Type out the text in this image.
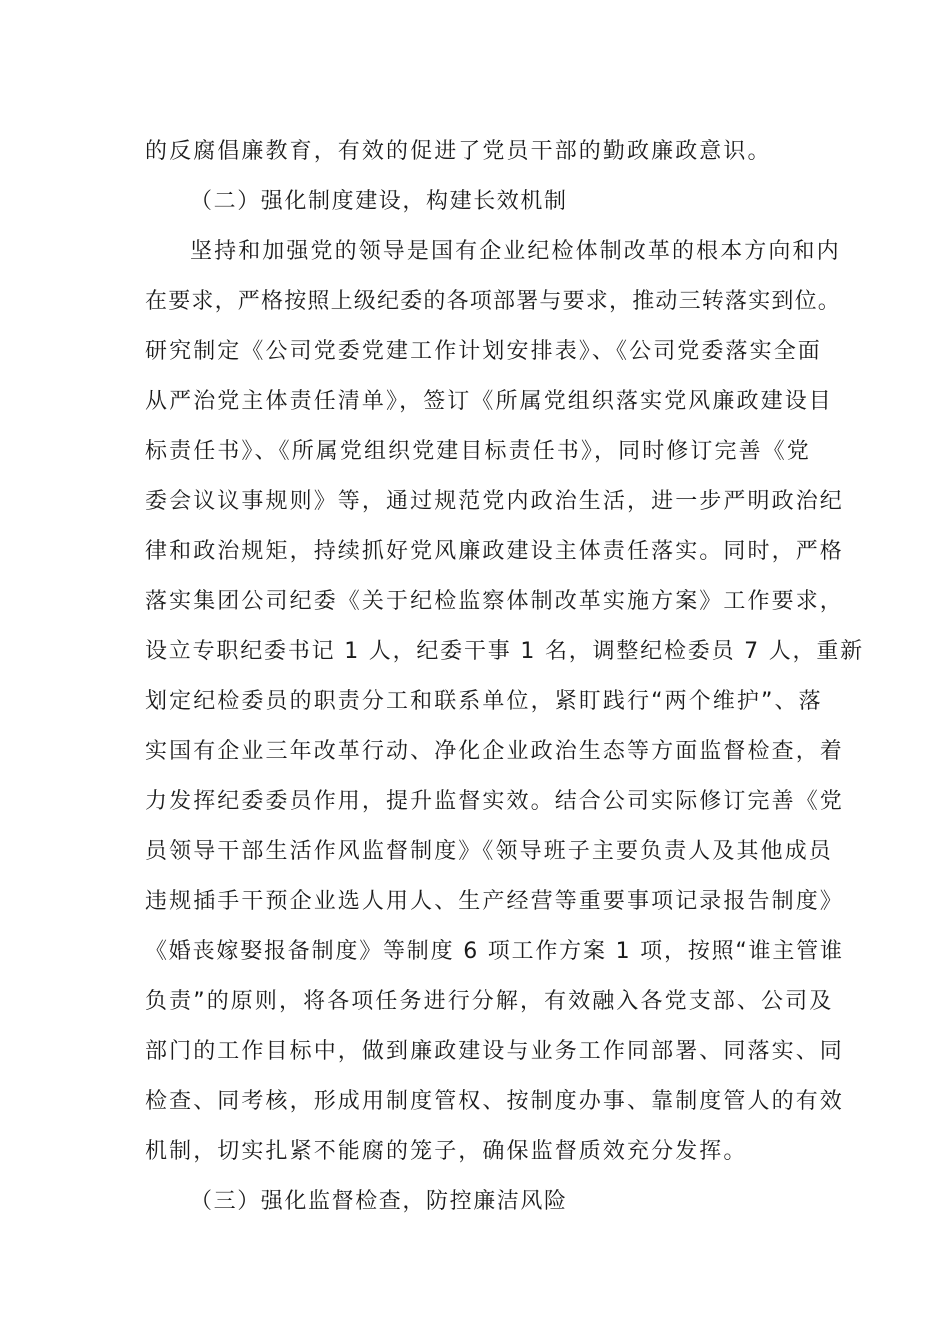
的反腐倡廉教育，有效的促进了党员干部的勤政廉政意识。
（二）强化制度建设，构建长效机制
坚持和加强党的领导是国有企业纪检体制改革的根本方向和内
在要求，严格按照上级纪委的各项部署与要求，推动三转落实到位。
研究制定《公司党委党建工作计划安排表》、《公司党委落实全面
从严治党主体责任清单》，签订《所属党组织落实党风廉政建设目
标责任书》、《所属党组织党建目标责任书》，同时修订完善《党
委会议议事规则》等，通过规范党内政治生活，进一步严明政治纪
律和政治规矩，持续抓好党风廉政建设主体责任落实。同时，严格
落实集团公司纪委《关于纪检监察体制改革实施方案》工作要求，
设立专职纪委书记 1 人，纪委干事 1 名，调整纪检委员 7 人，重新
划定纪检委员的职责分工和联系单位，紧盯践行“两个维护”、落
实国有企业三年改革行动、净化企业政治生态等方面监督检查，着
力发挥纪委委员作用，提升监督实效。结合公司实际修订完善《党
员领导干部生活作风监督制度》《领导班子主要负责人及其他成员
违规插手干预企业选人用人、生产经营等重要事项记录报告制度》
《婚丧嫁娶报备制度》等制度 6 项工作方案 1 项，按照“谁主管谁
负责”的原则，将各项任务进行分解，有效融入各党支部、公司及
部门的工作目标中，做到廉政建设与业务工作同部署、同落实、同
检查、同考核，形成用制度管权、按制度办事、靠制度管人的有效
机制，切实扎紧不能腐的笼子，确保监督质效充分发挥。
（三）强化监督检查，防控廉洁风险
